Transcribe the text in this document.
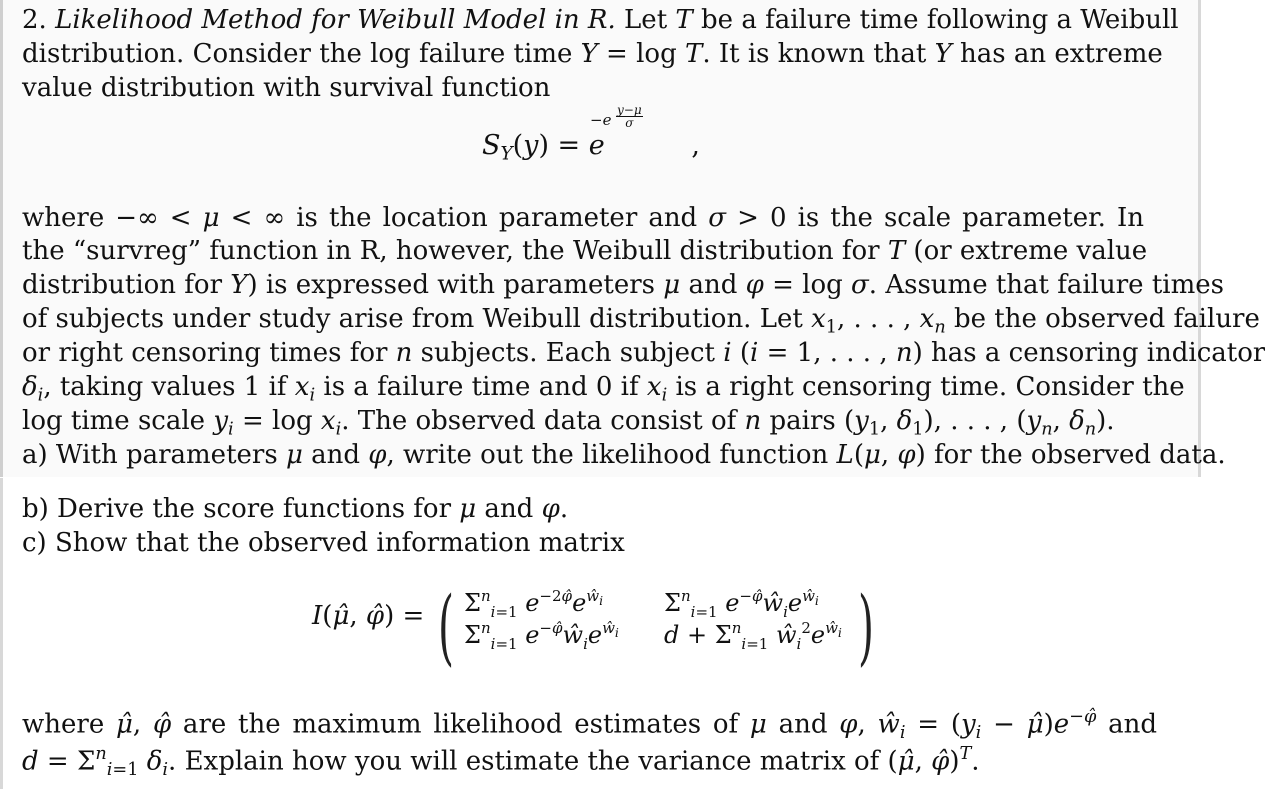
2. Likelihood Method for Weibull Model in R. Let T be a failure time following a Weibull
distribution. Consider the log failure time Y = log T. It is known that Y has an extreme
value distribution with survival function
$S_Y(y) = e$
$-e \frac{y-\mu}{\sigma}$
,
where −∞ < μ < ∞ is the location parameter and σ > 0 is the scale parameter. In
the “survreg” function in R, however, the Weibull distribution for T (or extreme value
distribution for Y) is expressed with parameters μ and φ = log σ. Assume that failure times
of subjects under study arise from Weibull distribution. Let $x_1$, . . . , $x_n$ be the observed failure
or right censoring times for n subjects. Each subject i (i = 1, . . . , n) has a censoring indicator
$\delta_i$, taking values 1 if $x_i$ is a failure time and 0 if $x_i$ is a right censoring time. Consider the
log time scale $y_i = \log x_i$. The observed data consist of n pairs ($y_1$, $\delta_1$), . . . , ($y_n$, $\delta_n$).
a) With parameters μ and φ, write out the likelihood function L(μ, φ) for the observed data.
b) Derive the score functions for μ and φ.
c) Show that the observed information matrix
I(μ̂, φ̂) = ( $\Sigma^n_{i=1}$ $e^{-2\varphî}e^{ŵ_i}$	$\Sigma^n_{i=1}$ $e^{-\varphî}ŵ_ie^{ŵ_i}$
$\Sigma^n_{i=1}$ $e^{-\varphî}ŵ_ie^{ŵ_i}$ $d + \Sigma^n_{i=1}$ $ŵ_i^2e^{ŵ_i}$ )
where μ̂, φ̂ are the maximum likelihood estimates of μ and φ, $ŵ_i = (y_i$ − $\mû)e^{-\varphî}$ and
$d = \Sigma^n_{i=1}$ $\delta_i$. Explain how you will estimate the variance matrix of (μ̂, φ̂)$^T$.
